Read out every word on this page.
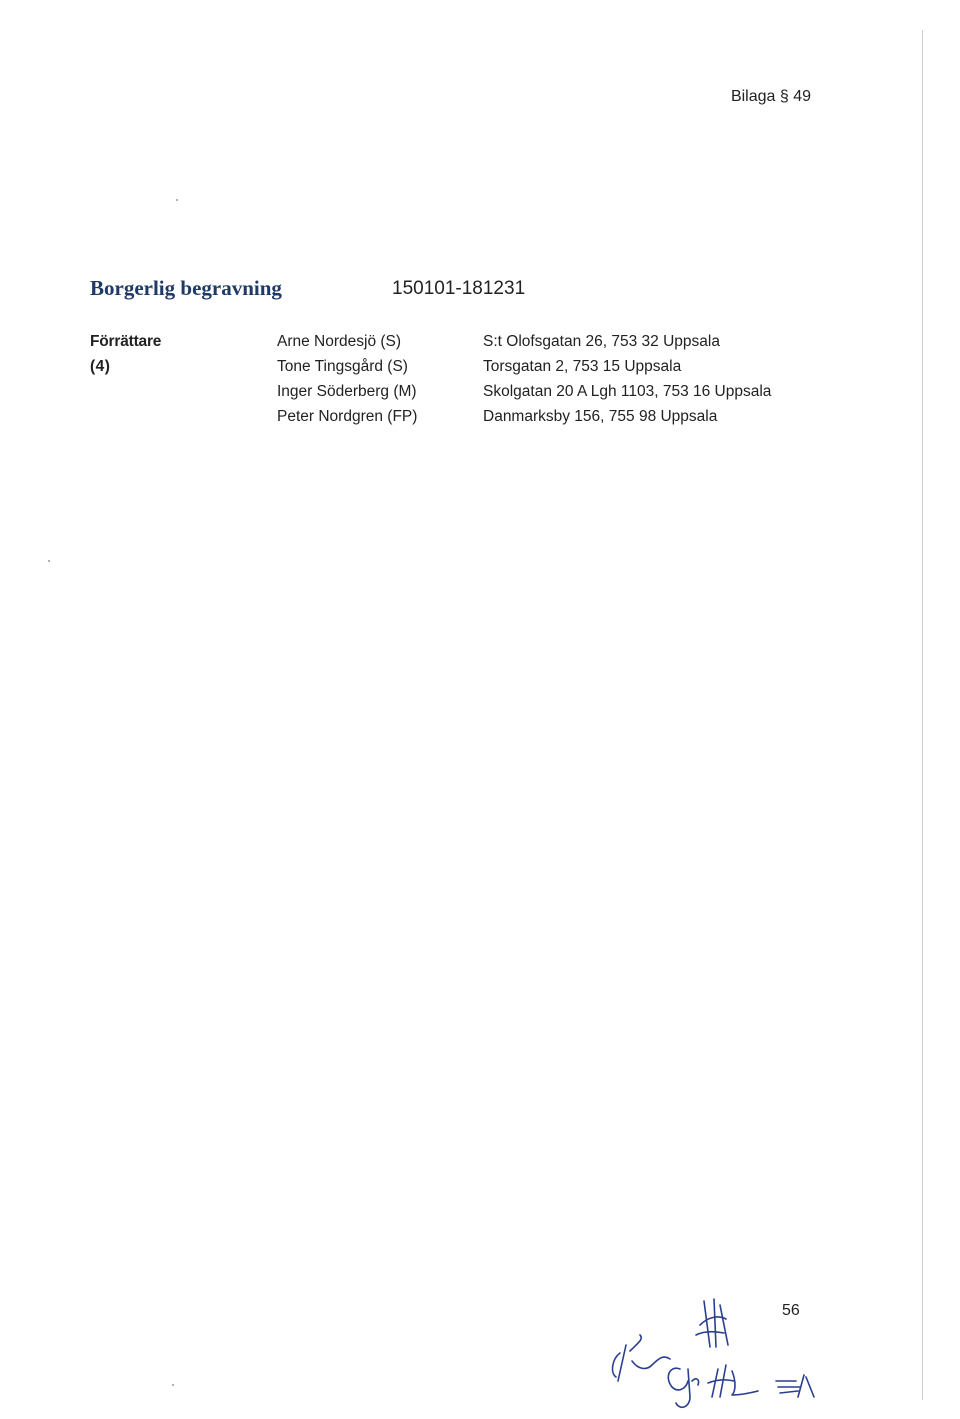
Bilaga § 49
Borgerlig begravning	150101-181231
Förrättare
(4)
Arne Nordesjö (S)
Tone Tingsgård (S)
Inger Söderberg (M)
Peter Nordgren (FP)
S:t Olofsgatan 26, 753 32 Uppsala
Torsgatan 2, 753 15 Uppsala
Skolgatan 20 A Lgh 1103, 753 16 Uppsala
Danmarksby 156, 755 98 Uppsala
56
